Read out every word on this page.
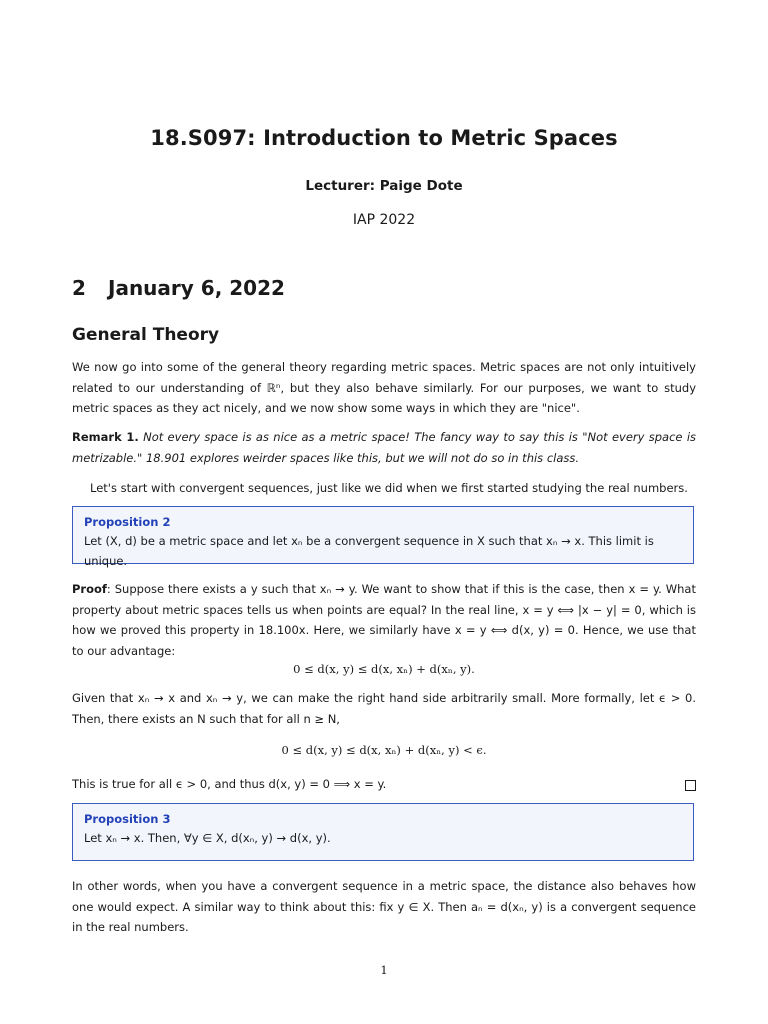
18.S097: Introduction to Metric Spaces
Lecturer: Paige Dote
IAP 2022
2 January 6, 2022
General Theory

We now go into some of the general theory regarding metric spaces. Metric spaces are not only intuitively related to our understanding of ℝⁿ, but they also behave similarly. For our purposes, we want to study metric spaces as they act nicely, and we now show some ways in which they are "nice".

Remark 1. Not every space is as nice as a metric space! The fancy way to say this is "Not every space is metrizable." 18.901 explores weirder spaces like this, but we will not do so in this class.

Let's start with convergent sequences, just like we did when we first started studying the real numbers.

Proposition 2
Let (X, d) be a metric space and let xₙ be a convergent sequence in X such that xₙ → x. This limit is unique.

Proof: Suppose there exists a y such that xₙ → y. We want to show that if this is the case, then x = y. What property about metric spaces tells us when points are equal? In the real line, x = y ⟺ |x − y| = 0, which is how we proved this property in 18.100x. Here, we similarly have x = y ⟺ d(x, y) = 0. Hence, we use that to our advantage:

0 ≤ d(x, y) ≤ d(x, xₙ) + d(xₙ, y).

Given that xₙ → x and xₙ → y, we can make the right hand side arbitrarily small. More formally, let ϵ > 0. Then, there exists an N such that for all n ≥ N,

0 ≤ d(x, y) ≤ d(x, xₙ) + d(xₙ, y) < ϵ.

This is true for all ϵ > 0, and thus d(x, y) = 0 ⟹ x = y.

Proposition 3
Let xₙ → x. Then, ∀y ∈ X, d(xₙ, y) → d(x, y).

In other words, when you have a convergent sequence in a metric space, the distance also behaves how one would expect. A similar way to think about this: fix y ∈ X. Then aₙ = d(xₙ, y) is a convergent sequence in the real numbers.

1
